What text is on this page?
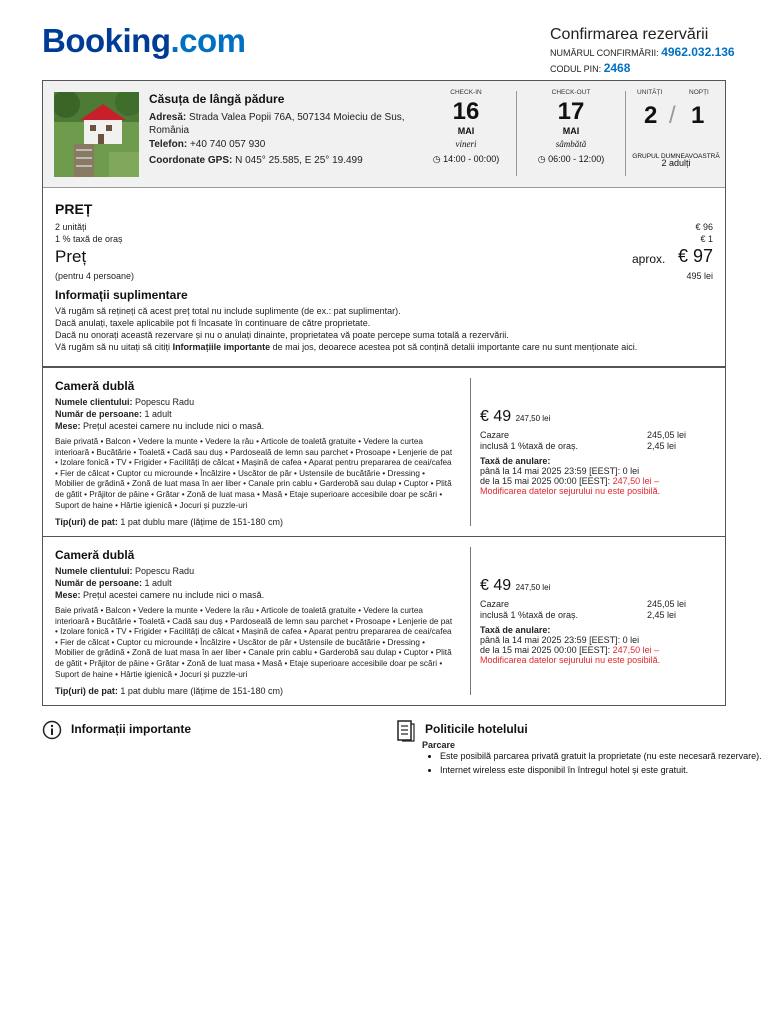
Booking.com	Confirmarea rezervării
NUMĂRUL CONFIRMĂRII: 4962.032.136
CODUL PIN: 2468
Căsuța de lângă pădure
Adresă: Strada Valea Popii 76A, 507134 Moieciu de Sus, România
Telefon: +40 740 057 930
Coordonate GPS: N 045° 25.585, E 25° 19.499
CHECK-IN
16
MAI
vineri
◷ 14:00 - 00:00)
CHECK-OUT
17
MAI
sâmbătă
◷ 06:00 - 12:00)
UNITĂȚI	NOPȚI
2 / 1
GRUPUL DUMNEAVOASTRĂ
2 adulți
PREȚ
2 unități	€ 96
1 % taxă de oraș	€ 1
Preț	aprox. € 97
(pentru 4 persoane)	495 lei
Informații suplimentare
Vă rugăm să rețineți că acest preț total nu include suplimente (de ex.: pat suplimentar).
Dacă anulați, taxele aplicabile pot fi încasate în continuare de către proprietate.
Dacă nu onorați această rezervare și nu o anulați dinainte, proprietatea vă poate percepe suma totală a rezervării.
Vă rugăm să nu uitați să citiți Informațiile importante de mai jos, deoarece acestea pot să conțină detalii importante care nu sunt menționate aici.
Cameră dublă
Numele clientului: Popescu Radu
Număr de persoane: 1 adult
Mese: Prețul acestei camere nu include nici o masă.
Baie privată • Balcon • Vedere la munte • Vedere la râu • Articole de toaletă gratuite • Vedere la curtea interioară • Bucătărie • Toaletă • Cadă sau duș • Pardoseală de lemn sau parchet • Prosoape • Lenjerie de pat • Izolare fonică • TV • Frigider • Facilități de călcat • Mașină de cafea • Aparat pentru prepararea de ceai/cafea • Fier de călcat • Cuptor cu microunde • Încălzire • Uscător de păr • Ustensile de bucătărie • Dressing • Mobilier de grădină • Zonă de luat masa în aer liber • Canale prin cablu • Garderobă sau dulap • Cuptor • Plită de gătit • Prăjitor de pâine • Grătar • Zonă de luat masa • Masă • Etaje superioare accesibile doar pe scări • Suport de haine • Hârtie igienică • Jocuri și puzzle-uri
Tip(uri) de pat: 1 pat dublu mare (lățime de 151-180 cm)
€ 49 247,50 lei
Cazare	245,05 lei
inclusă 1 %taxă de oraș.	2,45 lei
Taxă de anulare:
până la 14 mai 2025 23:59 [EEST]: 0 lei
de la 15 mai 2025 00:00 [EEST]: 247,50 lei –
Modificarea datelor sejurului nu este posibilă.
Cameră dublă
Numele clientului: Popescu Radu
Număr de persoane: 1 adult
Mese: Prețul acestei camere nu include nici o masă.
Baie privată • Balcon • Vedere la munte • Vedere la râu • Articole de toaletă gratuite • Vedere la curtea interioară • Bucătărie • Toaletă • Cadă sau duș • Pardoseală de lemn sau parchet • Prosoape • Lenjerie de pat • Izolare fonică • TV • Frigider • Facilități de călcat • Mașină de cafea • Aparat pentru prepararea de ceai/cafea • Fier de călcat • Cuptor cu microunde • Încălzire • Uscător de păr • Ustensile de bucătărie • Dressing • Mobilier de grădină • Zonă de luat masa în aer liber • Canale prin cablu • Garderobă sau dulap • Cuptor • Plită de gătit • Prăjitor de pâine • Grătar • Zonă de luat masa • Masă • Etaje superioare accesibile doar pe scări • Suport de haine • Hârtie igienică • Jocuri și puzzle-uri
Tip(uri) de pat: 1 pat dublu mare (lățime de 151-180 cm)
€ 49 247,50 lei
Cazare	245,05 lei
inclusă 1 %taxă de oraș.	2,45 lei
Taxă de anulare:
până la 14 mai 2025 23:59 [EEST]: 0 lei
de la 15 mai 2025 00:00 [EEST]: 247,50 lei –
Modificarea datelor sejurului nu este posibilă.
Informații importante	Politicile hotelului
Parcare
• Este posibilă parcarea privată gratuit la proprietate (nu este necesară rezervare).
• Internet wireless este disponibil în întregul hotel și este gratuit.
